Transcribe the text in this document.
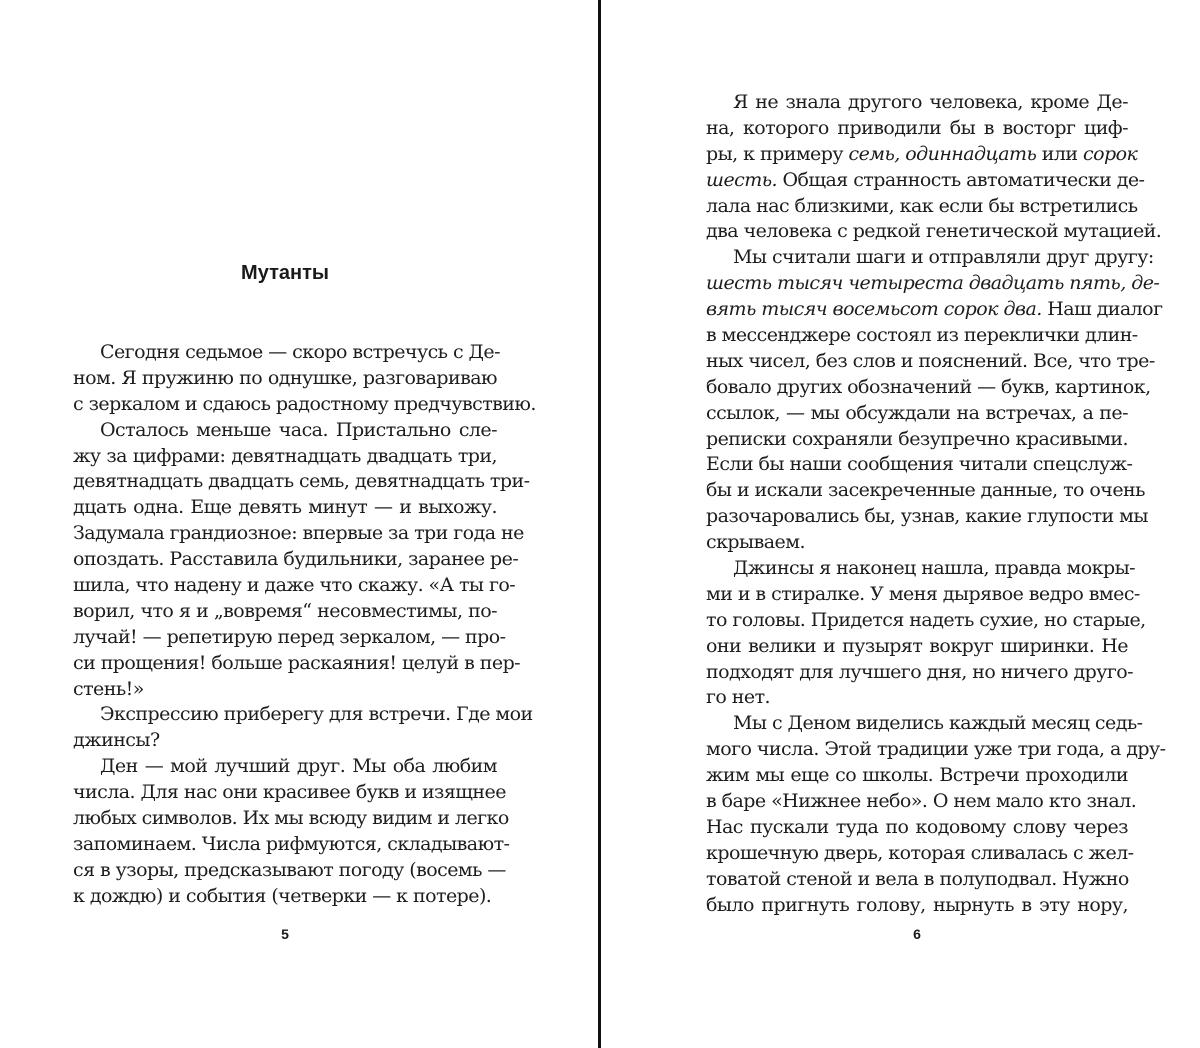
Мутанты
Сегодня седьмое — скоро встречусь с Де-
ном. Я пружиню по однушке, разговариваю
с зеркалом и сдаюсь радостному предчувствию.
Осталось меньше часа. Пристально сле-
жу за цифрами: девятнадцать двадцать три,
девятнадцать двадцать семь, девятнадцать три-
дцать одна. Еще девять минут — и выхожу.
Задумала грандиозное: впервые за три года не
опоздать. Расставила будильники, заранее ре-
шила, что надену и даже что скажу. «А ты го-
ворил, что я и „вовремя“ несовместимы, по-
лучай! — репетирую перед зеркалом, — про-
си прощения! больше раскаяния! целуй в пер-
стень!»
Экспрессию приберегу для встречи. Где мои
джинсы?
Ден — мой лучший друг. Мы оба любим
числа. Для нас они красивее букв и изящнее
любых символов. Их мы всюду видим и легко
запоминаем. Числа рифмуются, складывают-
ся в узоры, предсказывают погоду (восемь —
к дождю) и события (четверки — к потере).
5
Я не знала другого человека, кроме Де-
на, которого приводили бы в восторг циф-
ры, к примеру семь, одиннадцать или сорок
шесть. Общая странность автоматически де-
лала нас близкими, как если бы встретились
два человека с редкой генетической мутацией.
Мы считали шаги и отправляли друг другу:
шесть тысяч четыреста двадцать пять, де-
вять тысяч восемьсот сорок два. Наш диалог
в мессенджере состоял из переклички длин-
ных чисел, без слов и пояснений. Все, что тре-
бовало других обозначений — букв, картинок,
ссылок, — мы обсуждали на встречах, а пе-
реписки сохраняли безупречно красивыми.
Если бы наши сообщения читали спецслуж-
бы и искали засекреченные данные, то очень
разочаровались бы, узнав, какие глупости мы
скрываем.
Джинсы я наконец нашла, правда мокры-
ми и в стиралке. У меня дырявое ведро вмес-
то головы. Придется надеть сухие, но старые,
они велики и пузырят вокруг ширинки. Не
подходят для лучшего дня, но ничего друго-
го нет.
Мы с Деном виделись каждый месяц седь-
мого числа. Этой традиции уже три года, а дру-
жим мы еще со школы. Встречи проходили
в баре «Нижнее небо». О нем мало кто знал.
Нас пускали туда по кодовому слову через
крошечную дверь, которая сливалась с жел-
товатой стеной и вела в полуподвал. Нужно
было пригнуть голову, нырнуть в эту нору,
6
